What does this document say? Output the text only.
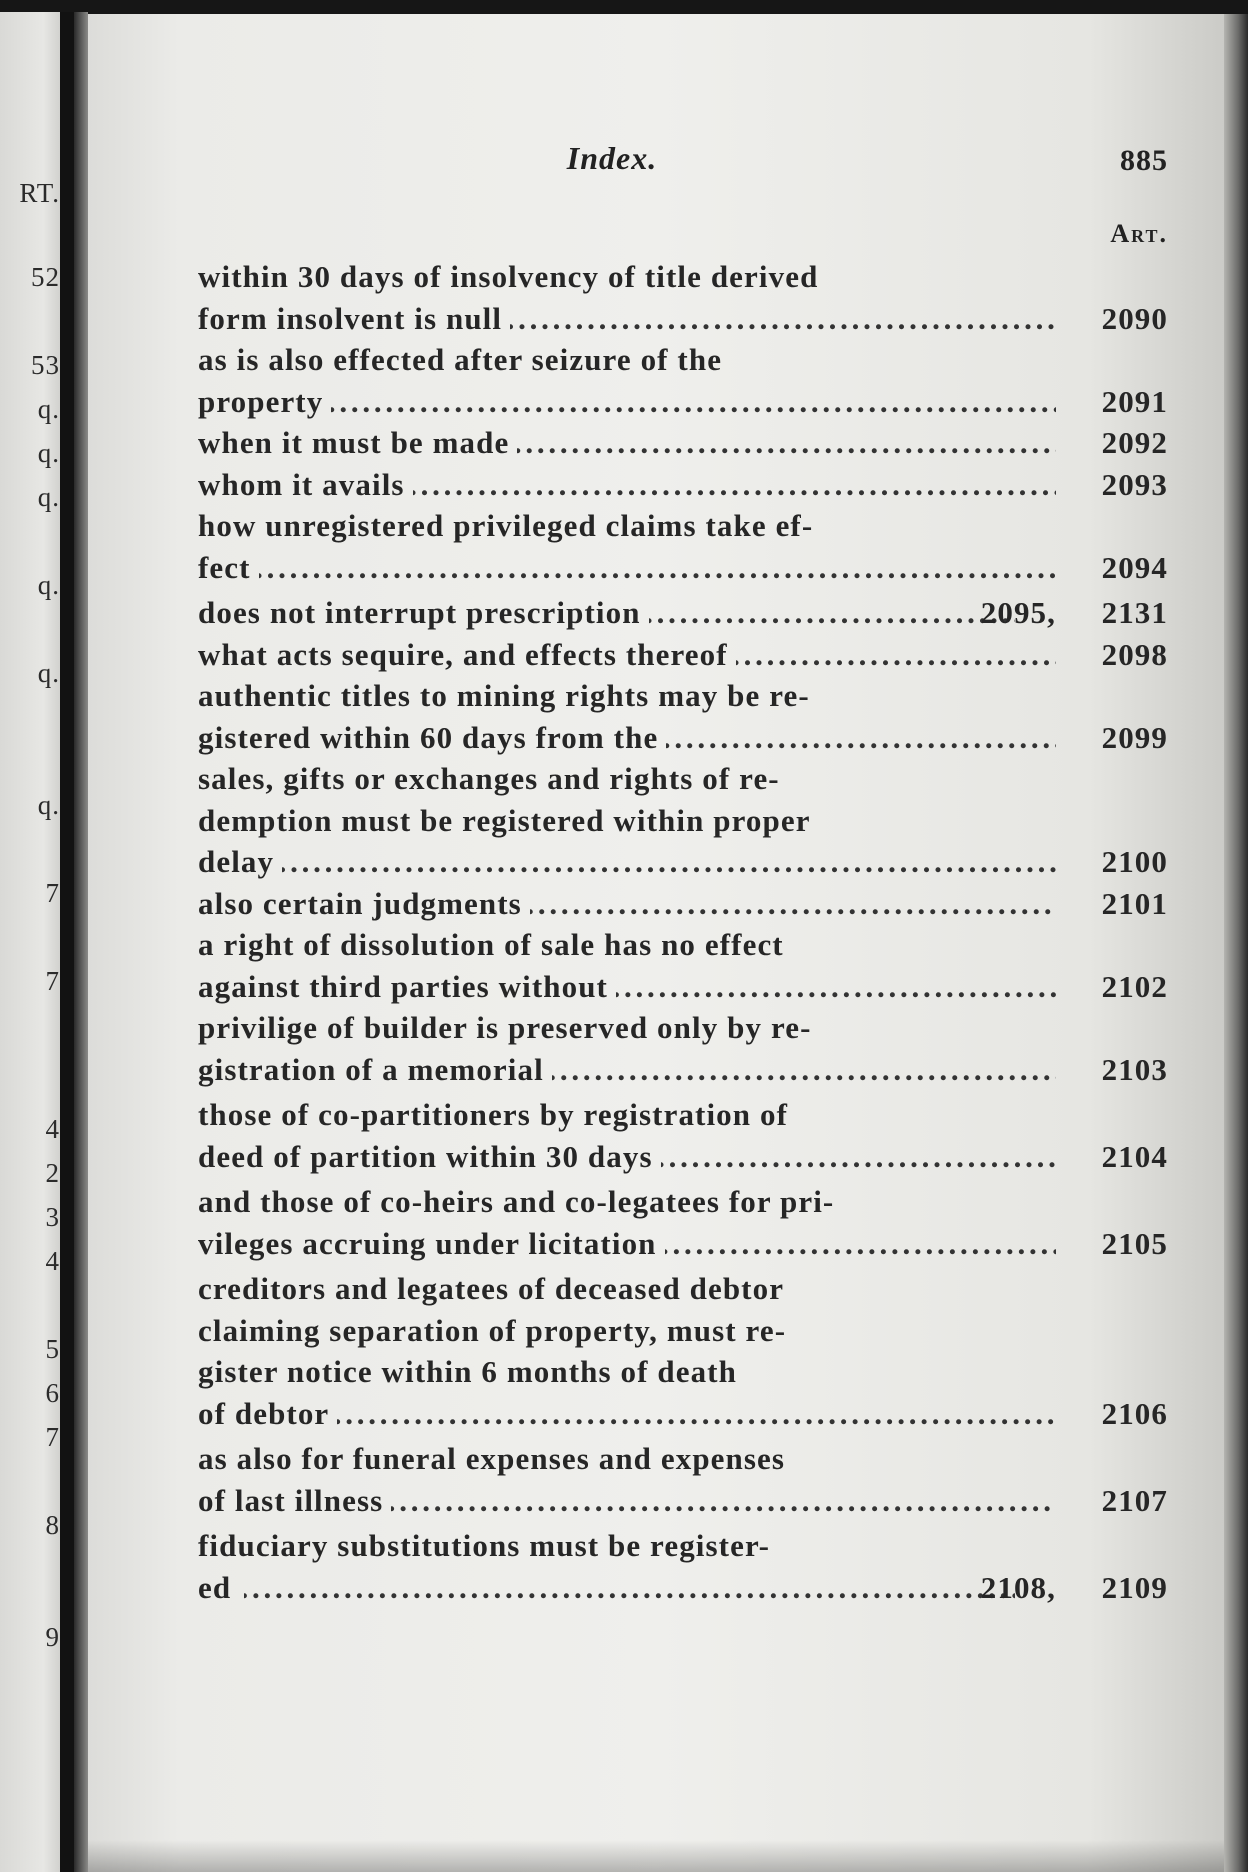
RT.
52
53
q.
q.
q.
q.
q.
q.
7
7
4
2
3
4
5
6
7
8
9
Index.	885
Art.
within 30 days of insolvency of title derived
form insolvent is null . . .	2090
as is also effected after seizure of the
property . . .	2091
when it must be made . . .	2092
whom it avails . . .	2093
how unregistered privileged claims take ef-
fect . . .	2094
does not interrupt prescription . . .	2095,	2131
what acts sequire, and effects thereof . . .	2098
authentic titles to mining rights may be re-
gistered within 60 days from the . . .	2099
sales, gifts or exchanges and rights of re-
demption must be registered within proper
delay . . .	2100
also certain judgments . . .	2101
a right of dissolution of sale has no effect
against third parties without . . .	2102
privilige of builder is preserved only by re-
gistration of a memorial . . .	2103
those of co-partitioners by registration of
deed of partition within 30 days . . .	2104
and those of co-heirs and co-legatees for pri-
vileges accruing under licitation . . .	2105
creditors and legatees of deceased debtor
claiming separation of property, must re-
gister notice within 6 months of death
of debtor . . .	2106
as also for funeral expenses and expenses
of last illness . . .	2107
fiduciary substitutions must be register-
ed . . .	2108,	2109
